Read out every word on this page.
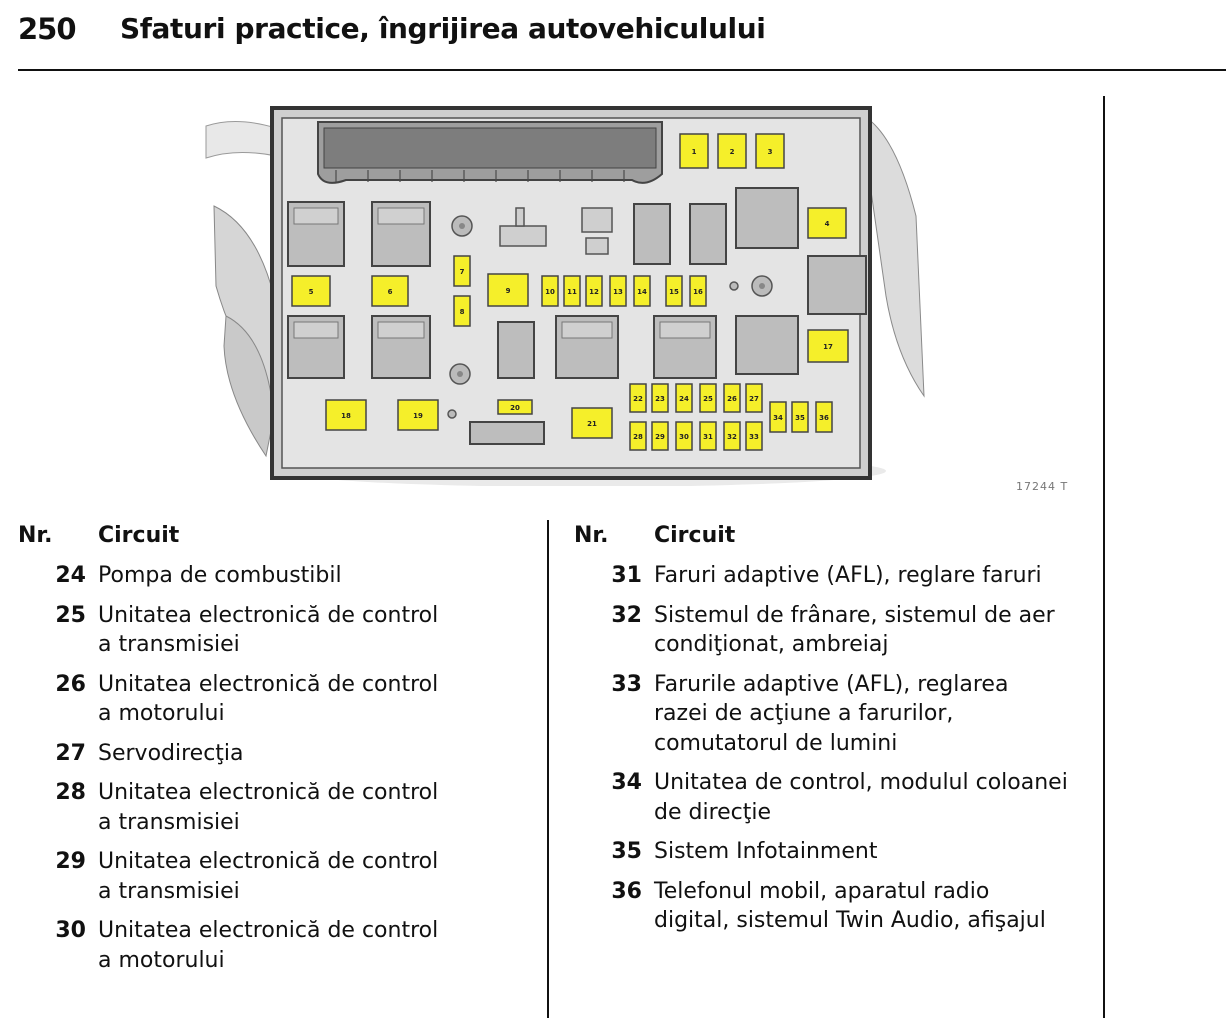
250 Sfaturi practice, îngrijirea autovehiculului
1	2	3
4
5	6
7
8
9	10 11 12 13 14	15 16
17
18	19
20
21
22 23 24 25 26 27
28 29 30 31 32 33
34 35 36
17244 T
Nr. Circuit
24 Pompa de combustibil
25 Unitatea electronică de control
a transmisiei
26 Unitatea electronică de control
a motorului
27 Servodirecţia
28 Unitatea electronică de control
a transmisiei
29 Unitatea electronică de control
a transmisiei
30 Unitatea electronică de control
a motorului
Nr. Circuit
31 Faruri adaptive (AFL), reglare faruri
32 Sistemul de frânare, sistemul de aer
condiţionat, ambreiaj
33 Farurile adaptive (AFL), reglarea
razei de acţiune a farurilor,
comutatorul de lumini
34 Unitatea de control, modulul coloanei
de direcţie
35 Sistem Infotainment
36 Telefonul mobil, aparatul radio
digital, sistemul Twin Audio, afişajul
